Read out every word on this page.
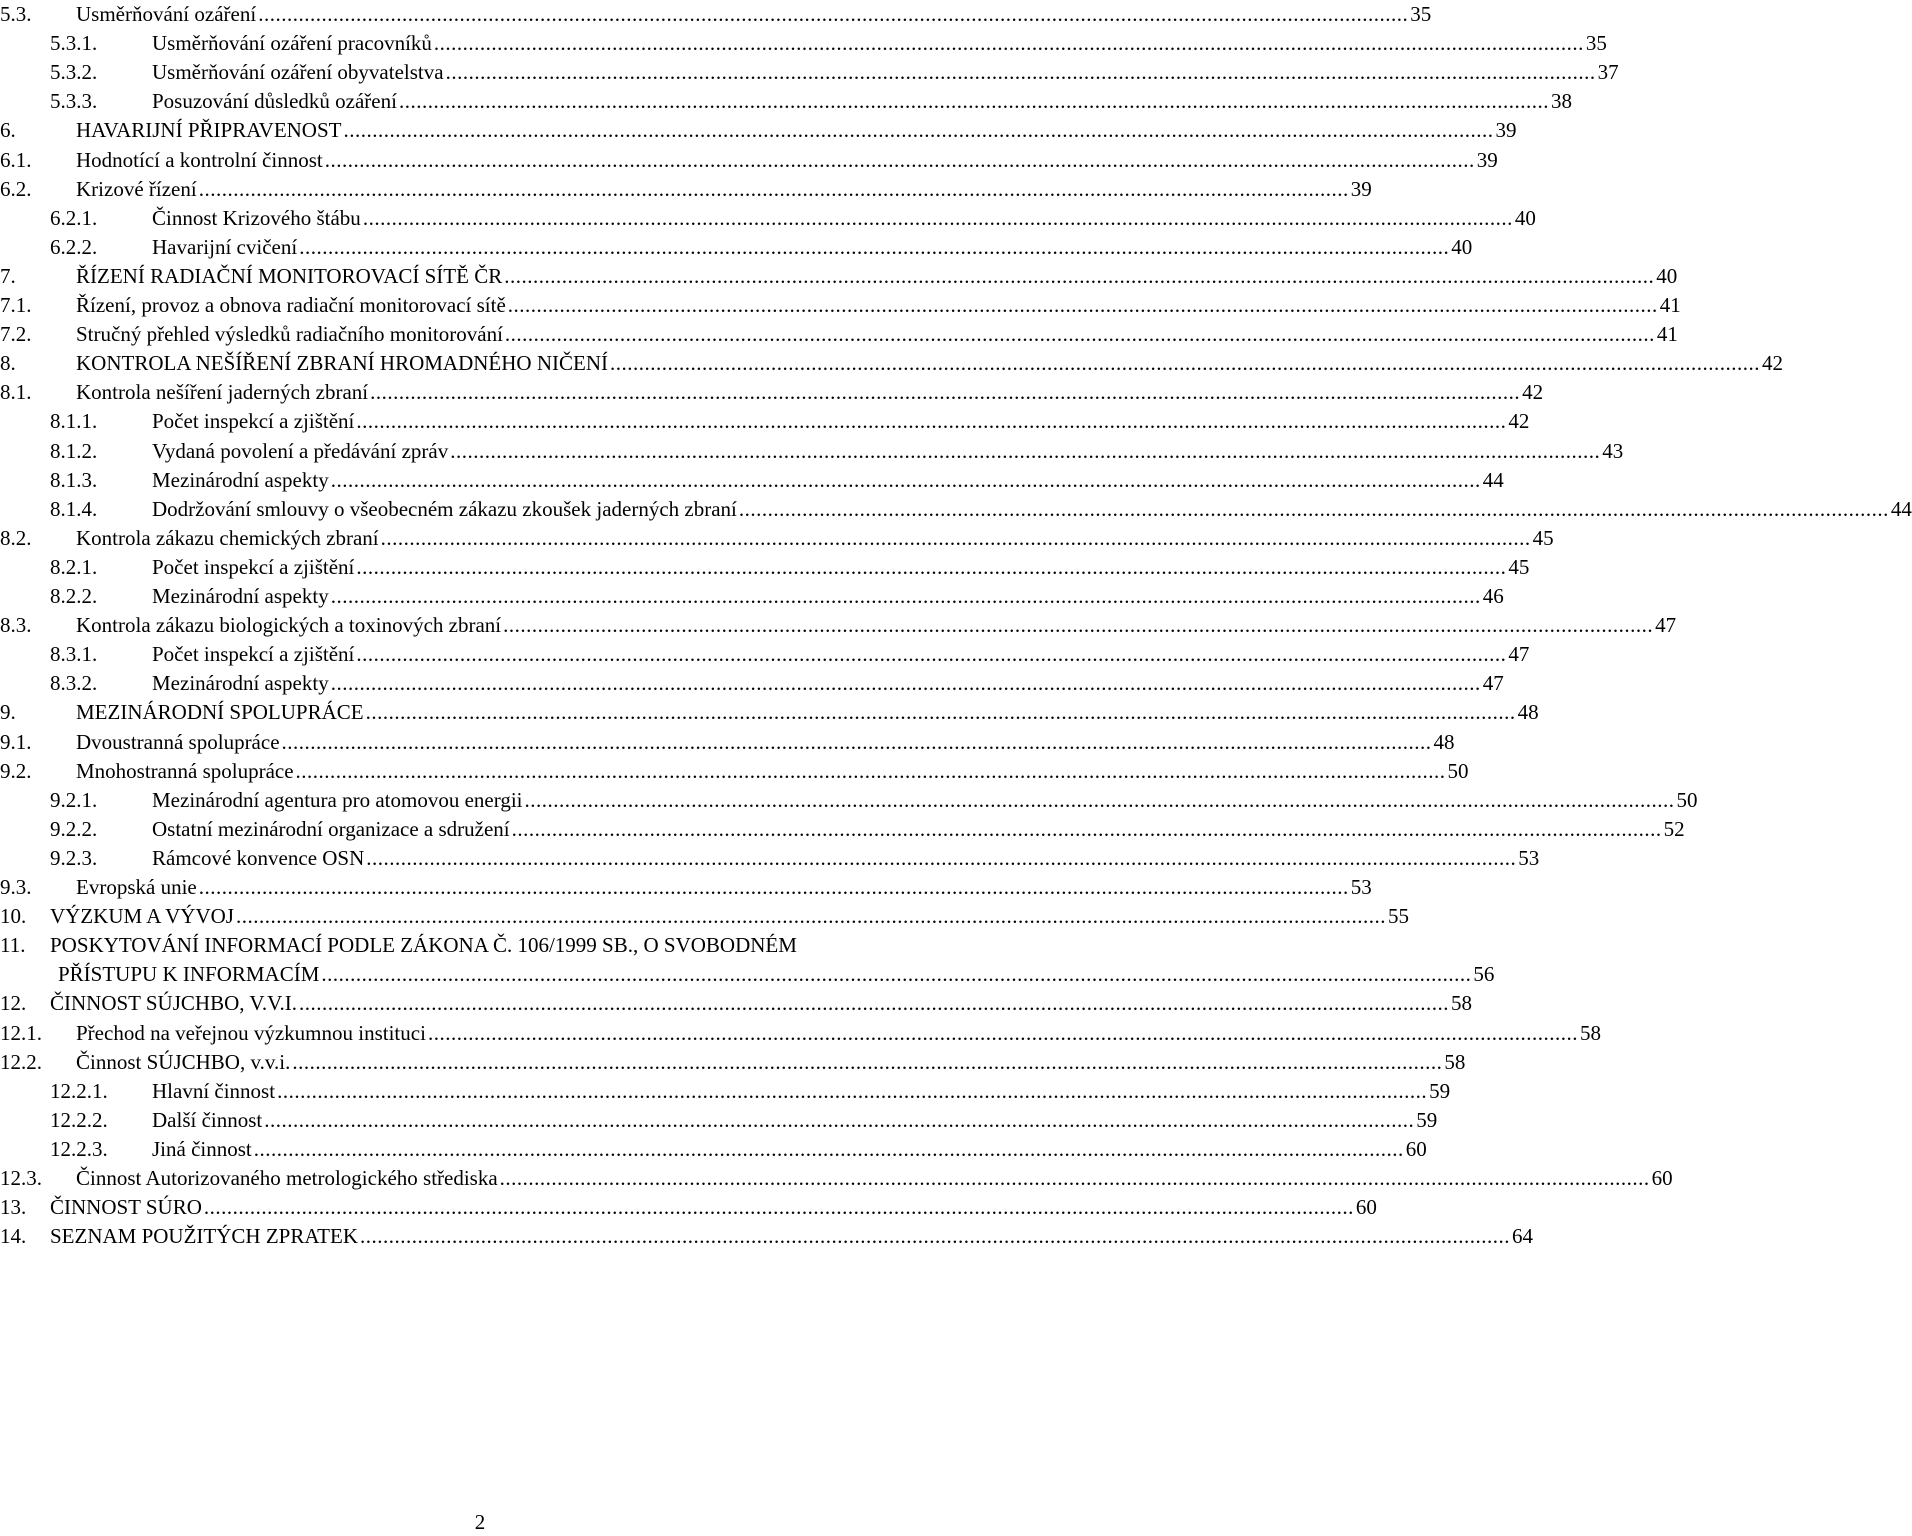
5.3. Usměrňování ozáření ........................................................................................................................................................................................................ 35
5.3.1.	Usměrňování ozáření pracovníků ........................................................................................................................................................................................................ 35
5.3.2.	Usměrňování ozáření obyvatelstva ........................................................................................................................................................................................................ 37
5.3.3.	Posuzování důsledků ozáření ........................................................................................................................................................................................................ 38
6.	HAVARIJNÍ PŘIPRAVENOST ........................................................................................................................................................................................................ 39
6.1. Hodnotící a kontrolní činnost ........................................................................................................................................................................................................ 39
6.2. Krizové řízení ........................................................................................................................................................................................................ 39
6.2.1.	Činnost Krizového štábu ........................................................................................................................................................................................................ 40
6.2.2.	Havarijní cvičení ........................................................................................................................................................................................................ 40
7.	ŘÍZENÍ RADIAČNÍ MONITOROVACÍ SÍTĚ ČR ........................................................................................................................................................................................................ 40
7.1. Řízení, provoz a obnova radiační monitorovací sítě ........................................................................................................................................................................................................ 41
7.2. Stručný přehled výsledků radiačního monitorování ........................................................................................................................................................................................................ 41
8.	KONTROLA NEŠÍŘENÍ ZBRANÍ HROMADNÉHO NIČENÍ ........................................................................................................................................................................................................ 42
8.1. Kontrola nešíření jaderných zbraní ........................................................................................................................................................................................................ 42
8.1.1.	Počet inspekcí a zjištění ........................................................................................................................................................................................................ 42
8.1.2.	Vydaná povolení a předávání zpráv ........................................................................................................................................................................................................ 43
8.1.3.	Mezinárodní aspekty ........................................................................................................................................................................................................ 44
8.1.4.	Dodržování smlouvy o všeobecném zákazu zkoušek jaderných zbraní ........................................................................................................................................................................................................ 44
8.2. Kontrola zákazu chemických zbraní ........................................................................................................................................................................................................ 45
8.2.1.	Počet inspekcí a zjištění ........................................................................................................................................................................................................ 45
8.2.2.	Mezinárodní aspekty ........................................................................................................................................................................................................ 46
8.3. Kontrola zákazu biologických a toxinových zbraní ........................................................................................................................................................................................................ 47
8.3.1.	Počet inspekcí a zjištění ........................................................................................................................................................................................................ 47
8.3.2.	Mezinárodní aspekty ........................................................................................................................................................................................................ 47
9.	MEZINÁRODNÍ SPOLUPRÁCE ........................................................................................................................................................................................................ 48
9.1. Dvoustranná spolupráce ........................................................................................................................................................................................................ 48
9.2. Mnohostranná spolupráce ........................................................................................................................................................................................................ 50
9.2.1.	Mezinárodní agentura pro atomovou energii ........................................................................................................................................................................................................ 50
9.2.2.	Ostatní mezinárodní organizace a sdružení ........................................................................................................................................................................................................ 52
9.2.3.	Rámcové konvence OSN ........................................................................................................................................................................................................ 53
9.3. Evropská unie ........................................................................................................................................................................................................ 53
10. VÝZKUM A VÝVOJ ........................................................................................................................................................................................................ 55
11. POSKYTOVÁNÍ INFORMACÍ PODLE ZÁKONA Č. 106/1999 SB., O SVOBODNÉM
PŘÍSTUPU K INFORMACÍM ........................................................................................................................................................................................................ 56
12. ČINNOST SÚJCHBO, V.V.I. ........................................................................................................................................................................................................ 58
12.1. Přechod na veřejnou výzkumnou instituci ........................................................................................................................................................................................................ 58
12.2. Činnost SÚJCHBO, v.v.i. ........................................................................................................................................................................................................ 58
12.2.1. Hlavní činnost ........................................................................................................................................................................................................ 59
12.2.2. Další činnost ........................................................................................................................................................................................................ 59
12.2.3. Jiná činnost ........................................................................................................................................................................................................ 60
12.3. Činnost Autorizovaného metrologického střediska ........................................................................................................................................................................................................ 60
13. ČINNOST SÚRO ........................................................................................................................................................................................................ 60
14. SEZNAM POUŽITÝCH ZPRATEK ........................................................................................................................................................................................................ 64
2
